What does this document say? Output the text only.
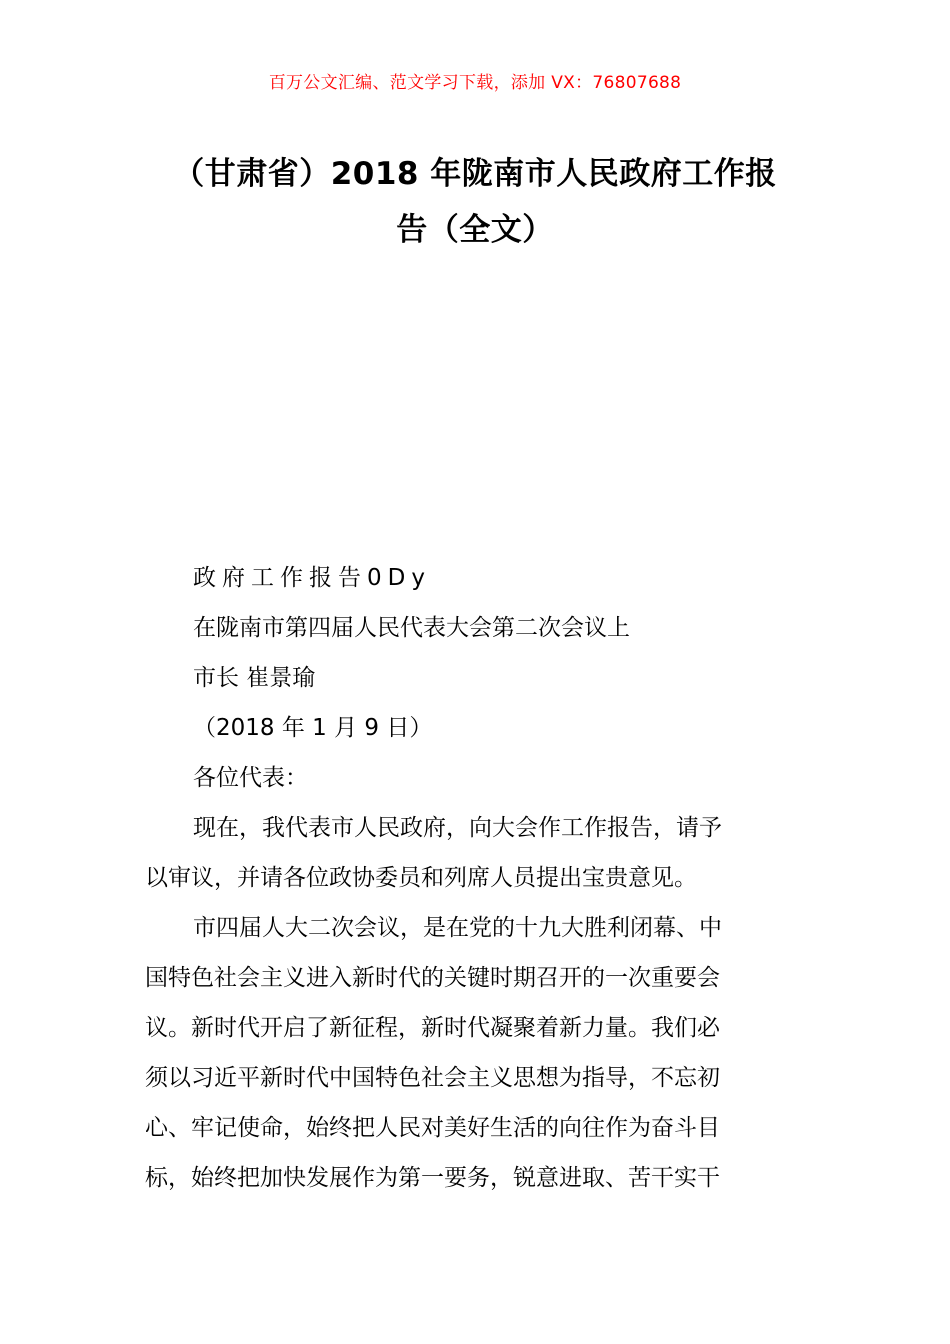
百万公文汇编、范文学习下载，添加 VX：76807688
（甘肃省）2018 年陇南市人民政府工作报
告（全文）
政府工作报告0Dy
在陇南市第四届人民代表大会第二次会议上
市长 崔景瑜
（2018 年 1 月 9 日）
各位代表：
现在，我代表市人民政府，向大会作工作报告，请予
以审议，并请各位政协委员和列席人员提出宝贵意见。
市四届人大二次会议，是在党的十九大胜利闭幕、中
国特色社会主义进入新时代的关键时期召开的一次重要会
议。新时代开启了新征程，新时代凝聚着新力量。我们必
须以习近平新时代中国特色社会主义思想为指导，不忘初
心、牢记使命，始终把人民对美好生活的向往作为奋斗目
标，始终把加快发展作为第一要务，锐意进取、苦干实干
